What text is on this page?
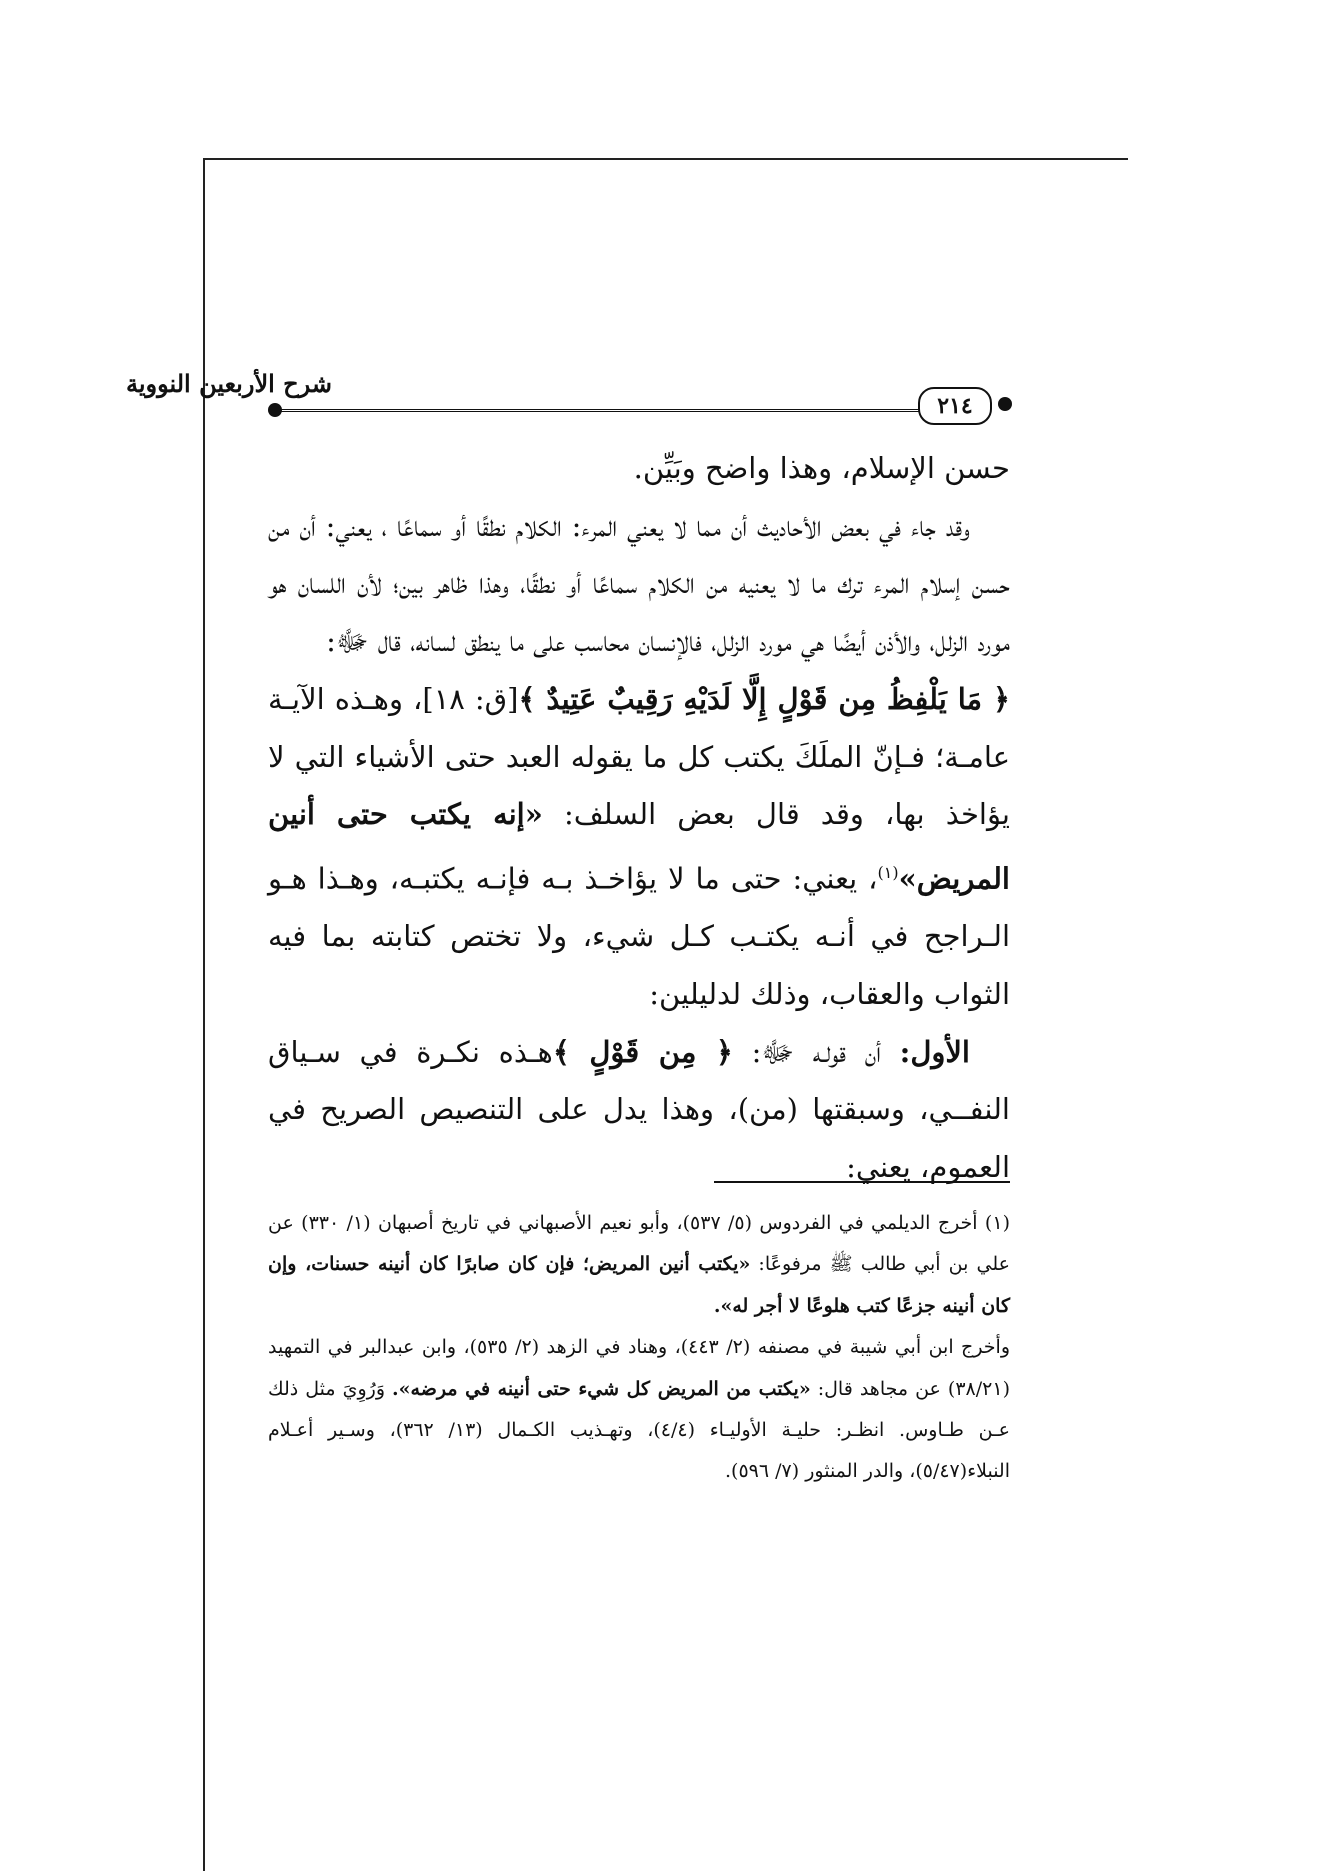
شرح الأربعين النووية
٢١٤

حسن الإسلام، وهذا واضح وبَيِّن.

وقد جاء في بعض الأحاديث أن مما لا يعني المرء: الكلام نطقًا أو سماعًا ، يعني: أن من حسن إسلام المرء ترك ما لا يعنيه من الكلام سماعًا أو نطقًا، وهذا ظاهر بين؛ لأن اللسان هو مورد الزلل، والأذن أيضًا هي مورد الزلل، فالإنسان محاسب على ما ينطق لسانه، قال ﷻ:
﴿ مَا يَلْفِظُ مِن قَوْلٍ إِلَّا لَدَيْهِ رَقِيبٌ عَتِيدٌ ﴾[ق: ١٨]، وهـذه الآيـة عامـة؛ فـإنّ الملَكَ يكتب كل ما يقوله العبد حتى الأشياء التي لا يؤاخذ بها، وقد قال بعض السلف: «إنه يكتب حتى أنين المريض»$^{(١)}$، يعني: حتى ما لا يؤاخـذ بـه فإنـه يكتبـه، وهـذا هـو الـراجح في أنـه يكتـب كـل شيء، ولا تختص كتابته بما فيه الثواب والعقاب، وذلك لدليلين:

الأول: أن قولـه ﷻ: ﴿ مِن قَوْلٍ ﴾هـذه نكـرة في سـياق النفــي، وسبقتها (من)، وهذا يدل على التنصيص الصريح في العموم، يعني:

(١) أخرج الديلمي في الفردوس (٥/ ٥٣٧)، وأبو نعيم الأصبهاني في تاريخ أصبهان (١/ ٣٣٠) عن علي بن أبي طالب ﷺ مرفوعًا: «يكتب أنين المريض؛ فإن كان صابرًا كان أنينه حسنات، وإن كان أنينه جزعًا كتب هلوعًا لا أجر له».

وأخرج ابن أبي شيبة في مصنفه (٢/ ٤٤٣)، وهناد في الزهد (٢/ ٥٣٥)، وابن عبدالبر في التمهيد (٣٨/٢١) عن مجاهد قال: «يكتب من المريض كل شيء حتى أنينه في مرضه». وَرُوِيَ مثل ذلك عـن طـاوس. انظـر: حليـة الأوليـاء (٤/٤)، وتهـذيب الكـمال (١٣/ ٣٦٢)، وسـير أعـلام النبلاء(٥/٤٧)، والدر المنثور (٧/ ٥٩٦).
